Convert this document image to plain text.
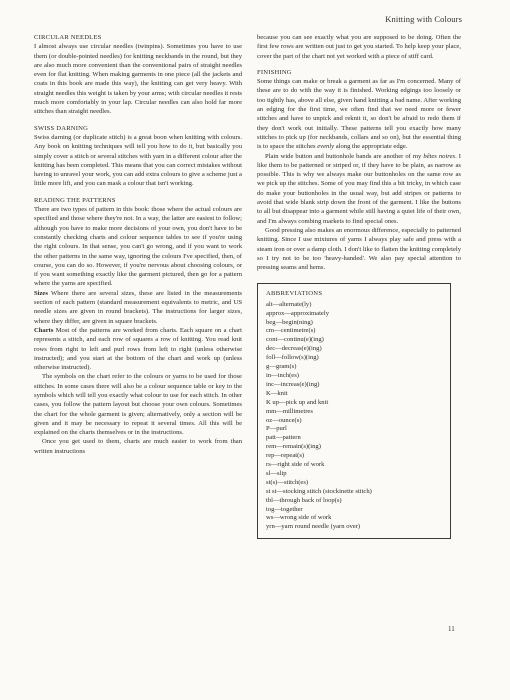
Knitting with Colours
CIRCULAR NEEDLES

I almost always use circular needles (twinpins). Sometimes you have to use them (or double-pointed needles) for knitting neckbands in the round, but they are also much more convenient than the conventional pairs of straight needles even for flat knitting. When making garments in one piece (all the jackets and coats in this book are made this way), the knitting can get very heavy. With straight needles this weight is taken by your arms; with circular needles it rests much more comfortably in your lap. Circular needles can also hold far more stitches than straight needles.

SWISS DARNING

Swiss darning (or duplicate stitch) is a great boon when knitting with colours. Any book on knitting techniques will tell you how to do it, but basically you simply cover a stitch or several stitches with yarn in a different colour after the knitting has been completed. This means that you can correct mistakes without having to unravel your work, you can add extra colours to give a scheme just a little more lift, and you can mask a colour that isn't working.

READING THE PATTERNS

There are two types of pattern in this book: those where the actual colours are specified and those where they're not. In a way, the latter are easiest to follow; although you have to make more decisions of your own, you don't have to be constantly checking charts and colour sequence tables to see if you're using the right colours. In that sense, you can't go wrong, and if you want to work the other patterns in the same way, ignoring the colours I've specified, then, of course, you can do so. However, if you're nervous about choosing colours, or if you want something exactly like the garment pictured, then go for a pattern where the yarns are specified.

Sizes Where there are several sizes, these are listed in the measurements section of each pattern (standard measurement equivalents to metric, and US needle sizes are given in round brackets). The instructions for larger sizes, where they differ, are given in square brackets.

Charts Most of the patterns are worked from charts. Each square on a chart represents a stitch, and each row of squares a row of knitting. You read knit rows from right to left and purl rows from left to right (unless otherwise instructed); and you start at the bottom of the chart and work up (unless otherwise instructed).

The symbols on the chart refer to the colours or yarns to be used for those stitches. In some cases there will also be a colour sequence table or key to the symbols which will tell you exactly what colour to use for each stitch. In other cases, you follow the pattern layout but choose your own colours. Sometimes the chart for the whole garment is given; alternatively, only a section will be given and it may be necessary to repeat it several times. All this will be explained on the charts themselves or in the instructions.

Once you get used to them, charts are much easier to work from than written instructions

because you can see exactly what you are supposed to be doing. Often the first few rows are written out just to get you started. To help keep your place, cover the part of the chart not yet worked with a piece of stiff card.

FINISHING

Some things can make or break a garment as far as I'm concerned. Many of these are to do with the way it is finished. Working edgings too loosely or too tightly has, above all else, given hand knitting a bad name. After working an edging for the first time, we often find that we need more or fewer stitches and have to unpick and reknit it, so don't be afraid to redo them if they don't work out initially. These patterns tell you exactly how many stitches to pick up (for neckbands, collars and so on), but the essential thing is to space the stitches evenly along the appropriate edge.

Plain wide button and buttonhole bands are another of my bêtes noires. I like them to be patterned or striped or, if they have to be plain, as narrow as possible. This is why we always make our buttonholes on the same row as we pick up the stitches. Some of you may find this a bit tricky, in which case do make your buttonholes in the usual way, but add stripes or patterns to avoid that wide blank strip down the front of the garment. I like the buttons to all but disappear into a garment while still having a quiet life of their own, and I'm always combing markets to find special ones.

Good pressing also makes an enormous difference, especially to patterned knitting. Since I use mixtures of yarns I always play safe and press with a steam iron or over a damp cloth. I don't like to flatten the knitting completely so I try not to be too 'heavy-handed'. We also pay special attention to pressing seams and hems.

ABBREVIATIONS
alt—alternate(ly)
approx—approximately
beg—begin(ning)
cm—centimetre(s)
cont—continu(e)(ing)
dec—decreas(e)(ing)
foll—follow(s)(ing)
g—gram(s)
in—inch(es)
inc—increas(e)(ing)
K—knit
K up—pick up and knit
mm—millimetres
oz—ounce(s)
P—purl
patt—pattern
rem—remain(s)(ing)
rep—repeat(s)
rs—right side of work
sl—slip
st(s)—stitch(es)
st st—stocking stitch (stockinette stitch)
tbl—through back of loop(s)
tog—together
ws—wrong side of work
yrn—yarn round needle (yarn over)
11
